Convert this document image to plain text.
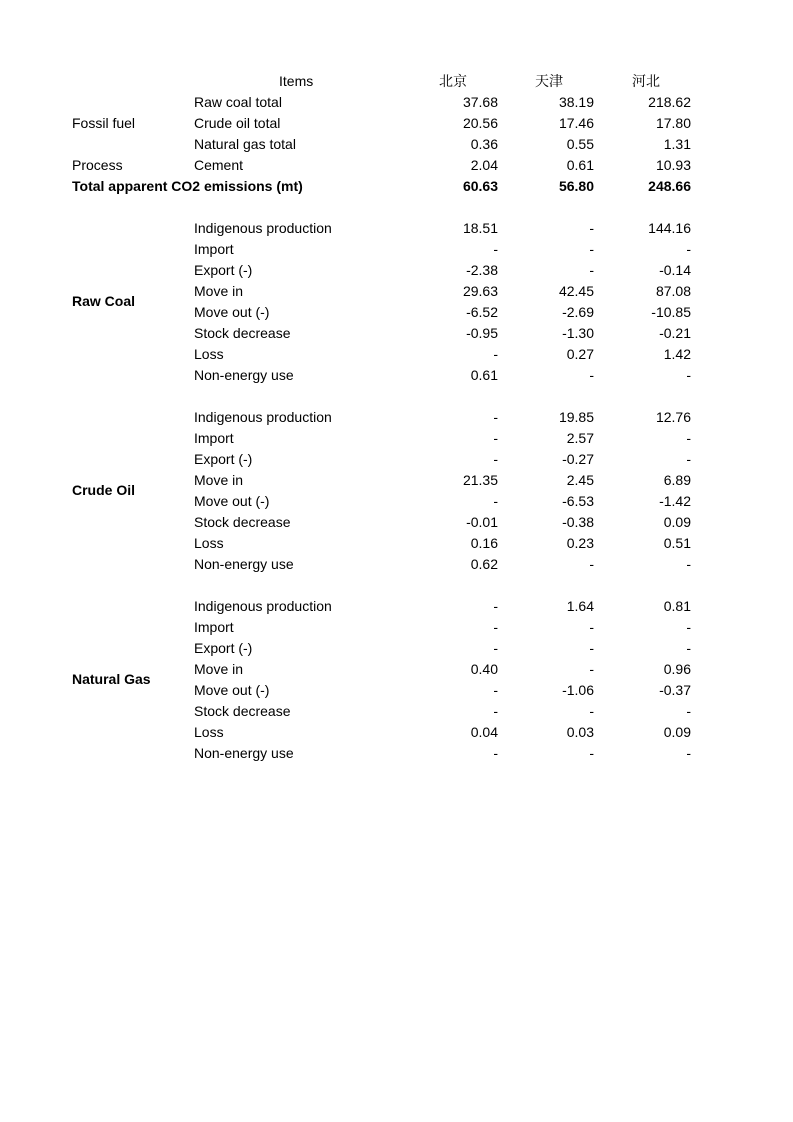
Items	北京	天津	河北
Raw coal total	37.68	38.19	218.62
Fossil fuel	Crude oil total	20.56	17.46	17.80
Natural gas total	0.36	0.55	1.31
Process	Cement	2.04	0.61	10.93
Total apparent CO2 emissions (mt)	60.63	56.80	248.66
Raw Coal
Indigenous production	18.51	-	144.16
Import	-	-	-
Export (-)	-2.38	-	-0.14
Move in	29.63	42.45	87.08
Move out (-)	-6.52	-2.69	-10.85
Stock decrease	-0.95	-1.30	-0.21
Loss	-	0.27	1.42
Non-energy use	0.61	-	-
Crude Oil
Indigenous production	-	19.85	12.76
Import	-	2.57	-
Export (-)	-	-0.27	-
Move in	21.35	2.45	6.89
Move out (-)	-	-6.53	-1.42
Stock decrease	-0.01	-0.38	0.09
Loss	0.16	0.23	0.51
Non-energy use	0.62	-	-
Natural Gas
Indigenous production	-	1.64	0.81
Import	-	-	-
Export (-)	-	-	-
Move in	0.40	-	0.96
Move out (-)	-	-1.06	-0.37
Stock decrease	-	-	-
Loss	0.04	0.03	0.09
Non-energy use	-	-	-
